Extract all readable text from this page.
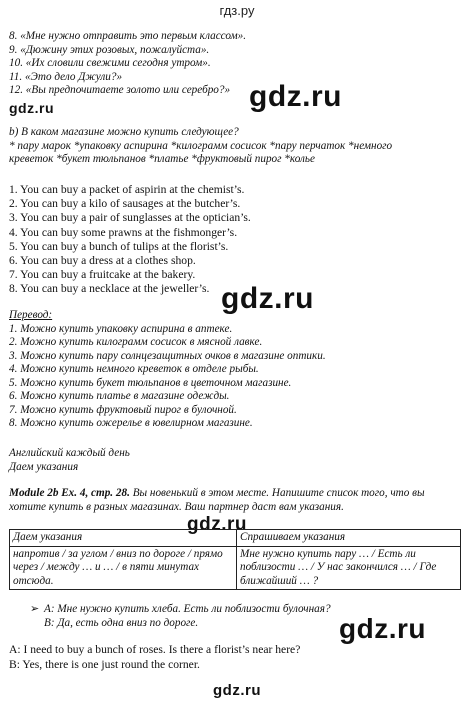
гдз.ру
8. «Мне нужно отправить это первым классом».
9. «Дюжину этих розовых, пожалуйста».
10. «Их словили свежими сегодня утром».
11. «Это дело Джули?»
12. «Вы предпочитаете золото или серебро?» gdz.ru
gdz.ru
b) В каком магазине можно купить следующее?
* пару марок *упаковку аспирина *килограмм сосисок *пару перчаток *немного
креветок *букет тюльпанов *платье *фруктовый пирог *колье
1. You can buy a packet of aspirin at the chemist’s.
2. You can buy a kilo of sausages at the butcher’s.
3. You can buy a pair of sunglasses at the optician’s.
4. You can buy some prawns at the fishmonger’s.
5. You can buy a bunch of tulips at the florist’s.
6. You can buy a dress at a clothes shop.
7. You can buy a fruitcake at the bakery.
8. You can buy a necklace at the jeweller’s. gdz.ru
Перевод:
1. Можно купить упаковку аспирина в аптеке.
2. Можно купить килограмм сосисок в мясной лавке.
3. Можно купить пару солнцезащитных очков в магазине оптики.
4. Можно купить немного креветок в отделе рыбы.
5. Можно купить букет тюльпанов в цветочном магазине.
6. Можно купить платье в магазине одежды.
7. Можно купить фруктовый пирог в булочной.
8. Можно купить ожерелье в ювелирном магазине.
Английский каждый день
Даем указания
Module 2b Ex. 4, стр. 28. Вы новенький в этом месте. Напишите список того, что вы
хотите купить в разных магазинах. Ваш партнер даст вам указания.
gdz.ru
Даем указания	Спрашиваем указания
напротив / за углом / вниз по дороге / прямо через / между … и … / в пяти минутах отсюда.	Мне нужно купить пару … / Есть ли поблизости … / У нас закончился … / Где ближайший … ?
➢ A: Мне нужно купить хлеба. Есть ли поблизости булочная?
B: Да, есть одна вниз по дороге.	gdz.ru
A: I need to buy a bunch of roses. Is there a florist’s near here?
B: Yes, there is one just round the corner.
gdz.ru
